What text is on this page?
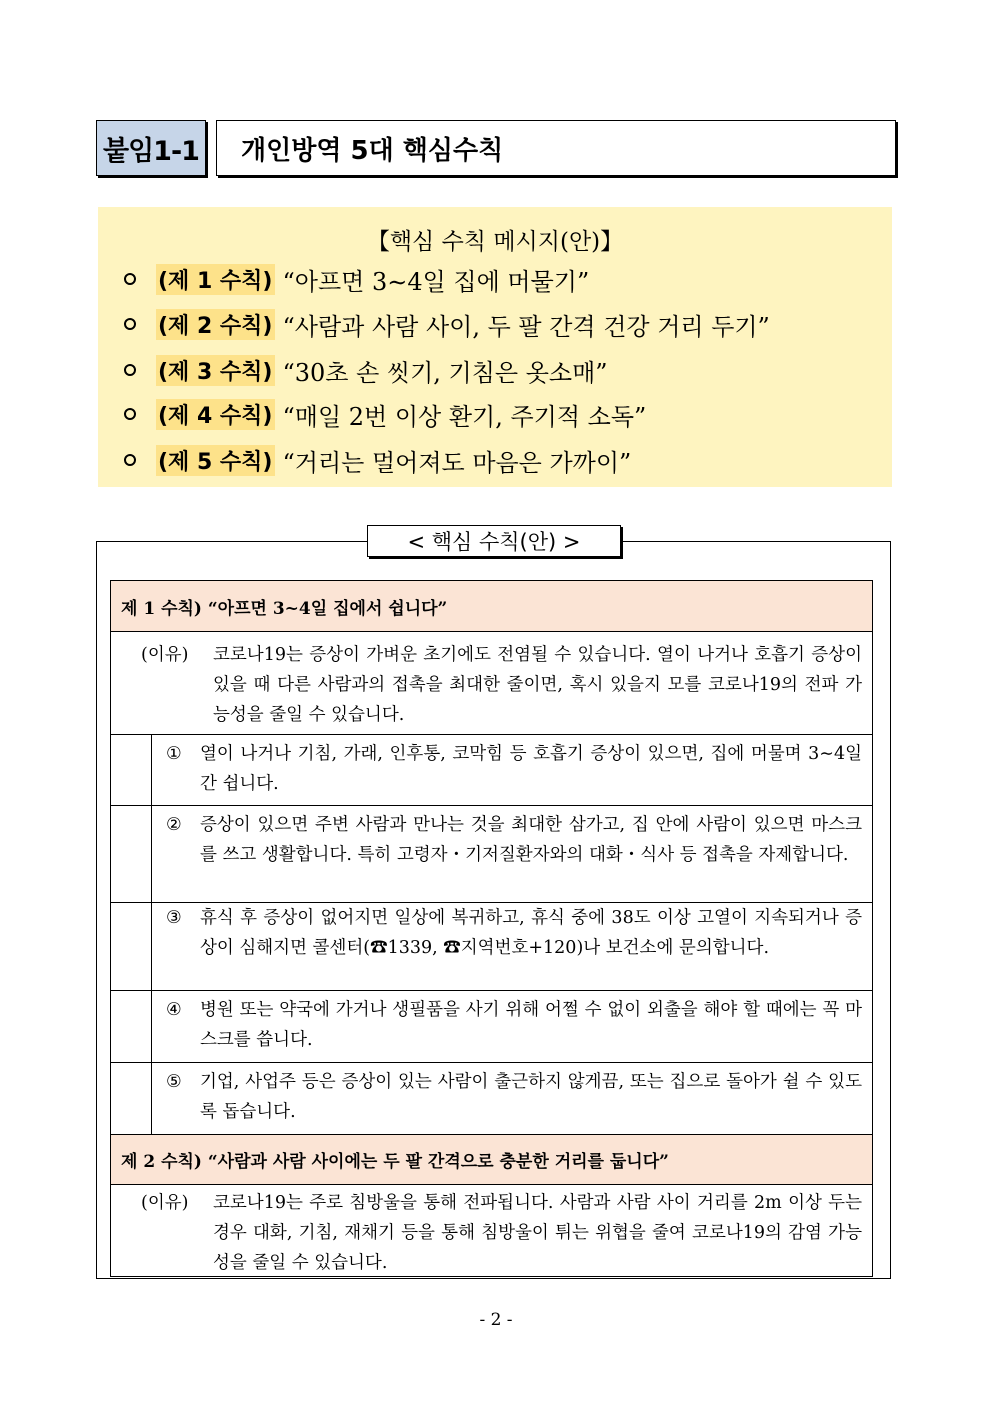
붙임1-1 개인방역 5대 핵심수칙
【핵심 수칙 메시지(안)】
(제 1 수칙) “아프면 3∼4일 집에 머물기”
(제 2 수칙) “사람과 사람 사이, 두 팔 간격 건강 거리 두기”
(제 3 수칙) “30초 손 씻기, 기침은 옷소매”
(제 4 수칙) “매일 2번 이상 환기, 주기적 소독”
(제 5 수칙) “거리는 멀어져도 마음은 가까이”
< 핵심 수칙(안) >
제 1 수칙) “아프면 3~4일 집에서 쉽니다”
(이유)	코로나19는 증상이 가벼운 초기에도 전염될 수 있습니다. 열이 나거나 호흡기 증상이 있을 때 다른 사람과의 접촉을 최대한 줄이면, 혹시 있을지 모를 코로나19의 전파 가능성을 줄일 수 있습니다.
①	열이 나거나 기침, 가래, 인후통, 코막힘 등 호흡기 증상이 있으면, 집에 머물며 3∼4일간 쉽니다.
②	증상이 있으면 주변 사람과 만나는 것을 최대한 삼가고, 집 안에 사람이 있으면 마스크를 쓰고 생활합니다. 특히 고령자・기저질환자와의 대화・식사 등 접촉을 자제합니다.
③	휴식 후 증상이 없어지면 일상에 복귀하고, 휴식 중에 38도 이상 고열이 지속되거나 증상이 심해지면 콜센터(☎1339, ☎지역번호+120)나 보건소에 문의합니다.
④	병원 또는 약국에 가거나 생필품을 사기 위해 어쩔 수 없이 외출을 해야 할 때에는 꼭 마스크를 씁니다.
⑤	기업, 사업주 등은 증상이 있는 사람이 출근하지 않게끔, 또는 집으로 돌아가 쉴 수 있도록 돕습니다.
제 2 수칙) “사람과 사람 사이에는 두 팔 간격으로 충분한 거리를 둡니다”
(이유)	코로나19는 주로 침방울을 통해 전파됩니다. 사람과 사람 사이 거리를 2m 이상 두는 경우 대화, 기침, 재채기 등을 통해 침방울이 튀는 위협을 줄여 코로나19의 감염 가능성을 줄일 수 있습니다.
- 2 -
